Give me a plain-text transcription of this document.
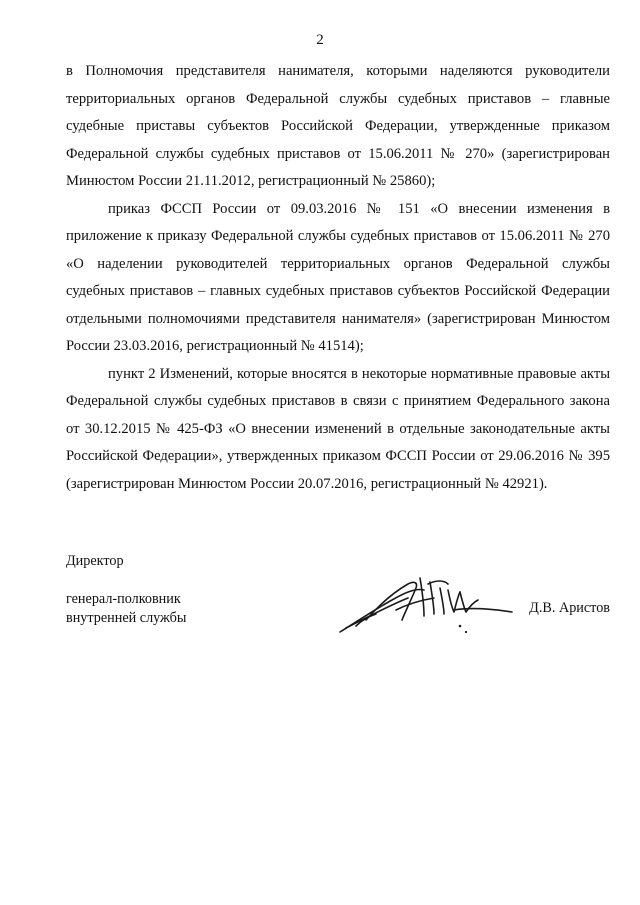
2

в Полномочия представителя нанимателя, которыми наделяются руководители территориальных органов Федеральной службы судебных приставов – главные судебные приставы субъектов Российской Федерации, утвержденные приказом Федеральной службы судебных приставов от 15.06.2011 № 270» (зарегистрирован Минюстом России 21.11.2012, регистрационный № 25860);

приказ ФССП России от 09.03.2016 № 151 «О внесении изменения в приложение к приказу Федеральной службы судебных приставов от 15.06.2011 № 270 «О наделении руководителей территориальных органов Федеральной службы судебных приставов – главных судебных приставов субъектов Российской Федерации отдельными полномочиями представителя нанимателя» (зарегистрирован Минюстом России 23.03.2016, регистрационный № 41514);

пункт 2 Изменений, которые вносятся в некоторые нормативные правовые акты Федеральной службы судебных приставов в связи с принятием Федерального закона от 30.12.2015 № 425-ФЗ «О внесении изменений в отдельные законодательные акты Российской Федерации», утвержденных приказом ФССП России от 29.06.2016 № 395 (зарегистрирован Минюстом России 20.07.2016, регистрационный № 42921).

Директор
генерал-полковник
внутренней службы
Д.В. Аристов
